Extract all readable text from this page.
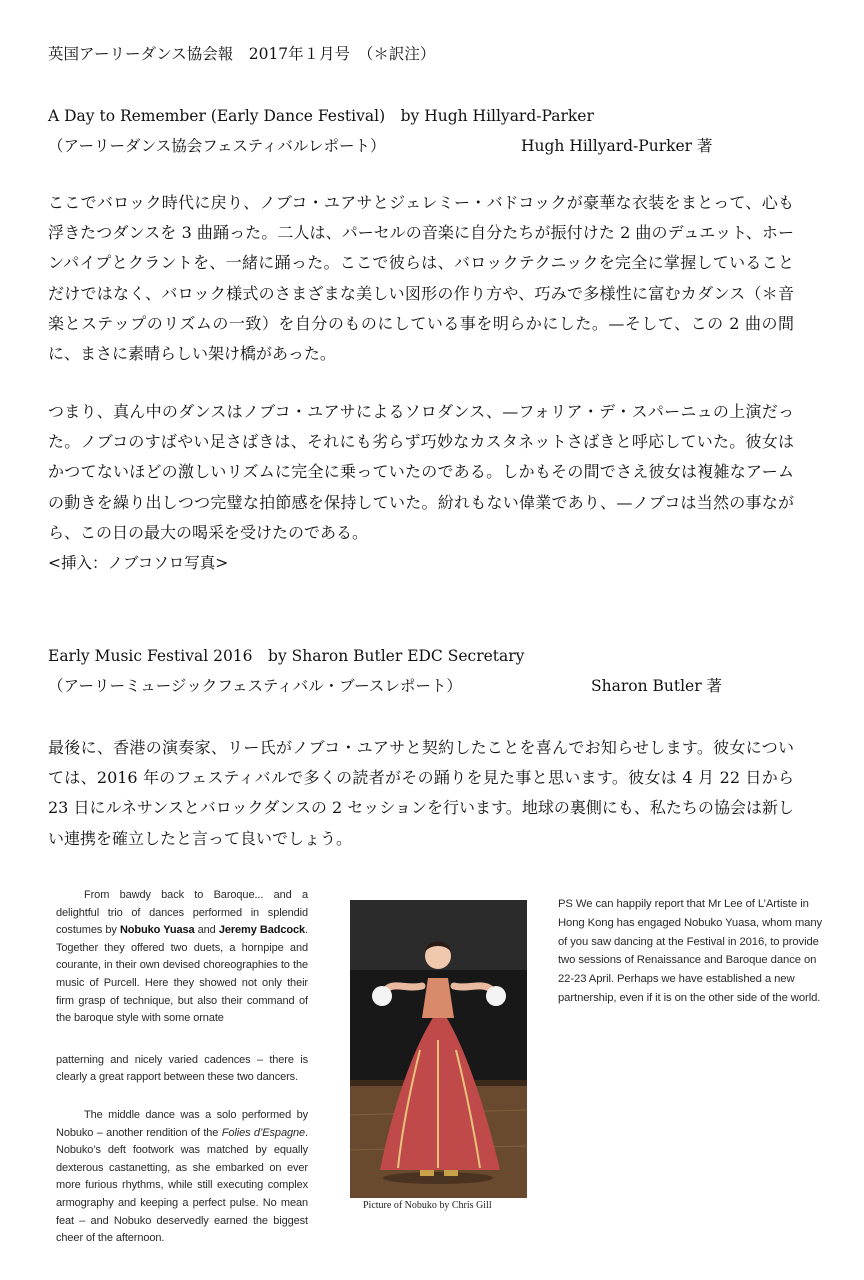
英国アーリーダンス協会報　2017年１月号　（＊訳注）
A Day to Remember (Early Dance Festival)　by Hugh Hillyard-Parker
（アーリーダンス協会フェスティバルレポート）	Hugh Hillyard-Purker 著
ここでバロック時代に戻り、ノブコ・ユアサとジェレミー・バドコックが豪華な衣装をまとって、心も浮きたつダンスを 3 曲踊った。二人は、パーセルの音楽に自分たちが振付けた 2 曲のデュエット、ホーンパイプとクラントを、一緒に踊った。ここで彼らは、バロックテクニックを完全に掌握していることだけではなく、バロック様式のさまざまな美しい図形の作り方や、巧みで多様性に富むカダンス（＊音楽とステップのリズムの一致）を自分のものにしている事を明らかにした。—そして、この 2 曲の間に、まさに素晴らしい架け橋があった。
つまり、真ん中のダンスはノブコ・ユアサによるソロダンス、—フォリア・デ・スパーニュの上演だった。ノブコのすばやい足さばきは、それにも劣らず巧妙なカスタネットさばきと呼応していた。彼女はかつてないほどの激しいリズムに完全に乗っていたのである。しかもその間でさえ彼女は複雑なアームの動きを繰り出しつつ完璧な拍節感を保持していた。紛れもない偉業であり、—ノブコは当然の事ながら、この日の最大の喝采を受けたのである。
<挿入：ノブコソロ写真>
Early Music Festival 2016　by Sharon Butler EDC Secretary
（アーリーミュージックフェスティバル・ブースレポート）	Sharon Butler 著
最後に、香港の演奏家、リー氏がノブコ・ユアサと契約したことを喜んでお知らせします。彼女については、2016 年のフェスティバルで多くの読者がその踊りを見た事と思います。彼女は 4 月 22 日から 23 日にルネサンスとバロックダンスの 2 セッションを行います。地球の裏側にも、私たちの協会は新しい連携を確立したと言って良いでしょう。

From bawdy back to Baroque... and a delightful trio of dances performed in splendid costumes by Nobuko Yuasa and Jeremy Badcock. Together they offered two duets, a hornpipe and courante, in their own devised choreographies to the music of Purcell. Here they showed not only their firm grasp of technique, but also their command of the baroque style with some ornate

patterning and nicely varied cadences – there is clearly a great rapport between these two dancers.

The middle dance was a solo performed by Nobuko – another rendition of the Folies d’Espagne. Nobuko’s deft footwork was matched by equally dexterous castanetting, as she embarked on ever more furious rhythms, while still executing complex armography and keeping a perfect pulse. No mean feat – and Nobuko deservedly earned the biggest cheer of the afternoon.

Picture of Nobuko by Chris Gill
PS We can happily report that Mr Lee of L’Artiste in Hong Kong has engaged Nobuko Yuasa, whom many of you saw dancing at the Festival in 2016, to provide two sessions of Renaissance and Baroque dance on 22-23 April. Perhaps we have established a new partnership, even if it is on the other side of the world.
